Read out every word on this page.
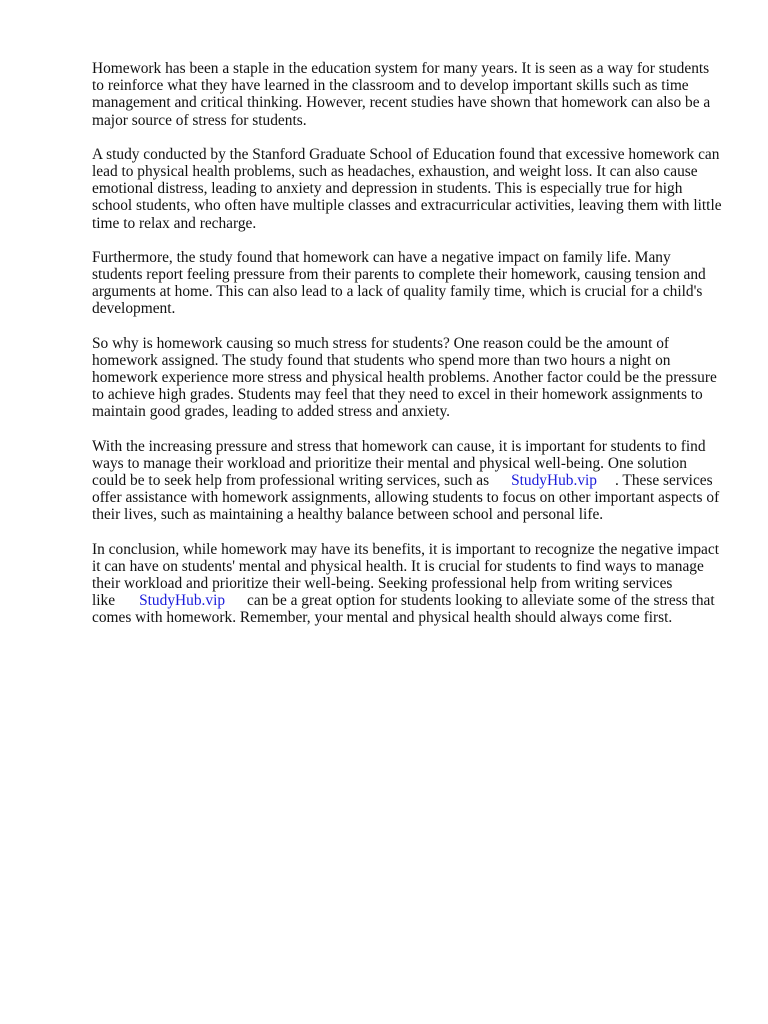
Homework has been a staple in the education system for many years. It is seen as a way for students to reinforce what they have learned in the classroom and to develop important skills such as time management and critical thinking. However, recent studies have shown that homework can also be a major source of stress for students.

A study conducted by the Stanford Graduate School of Education found that excessive homework can lead to physical health problems, such as headaches, exhaustion, and weight loss. It can also cause emotional distress, leading to anxiety and depression in students. This is especially true for high school students, who often have multiple classes and extracurricular activities, leaving them with little time to relax and recharge.

Furthermore, the study found that homework can have a negative impact on family life. Many students report feeling pressure from their parents to complete their homework, causing tension and arguments at home. This can also lead to a lack of quality family time, which is crucial for a child's development.

So why is homework causing so much stress for students? One reason could be the amount of homework assigned. The study found that students who spend more than two hours a night on homework experience more stress and physical health problems. Another factor could be the pressure to achieve high grades. Students may feel that they need to excel in their homework assignments to maintain good grades, leading to added stress and anxiety.

With the increasing pressure and stress that homework can cause, it is important for students to find ways to manage their workload and prioritize their mental and physical well-being. One solution could be to seek help from professional writing services, such as StudyHub.vip . These services offer assistance with homework assignments, allowing students to focus on other important aspects of their lives, such as maintaining a healthy balance between school and personal life.

In conclusion, while homework may have its benefits, it is important to recognize the negative impact it can have on students' mental and physical health. It is crucial for students to find ways to manage their workload and prioritize their well-being. Seeking professional help from writing services like StudyHub.vip can be a great option for students looking to alleviate some of the stress that comes with homework. Remember, your mental and physical health should always come first.
